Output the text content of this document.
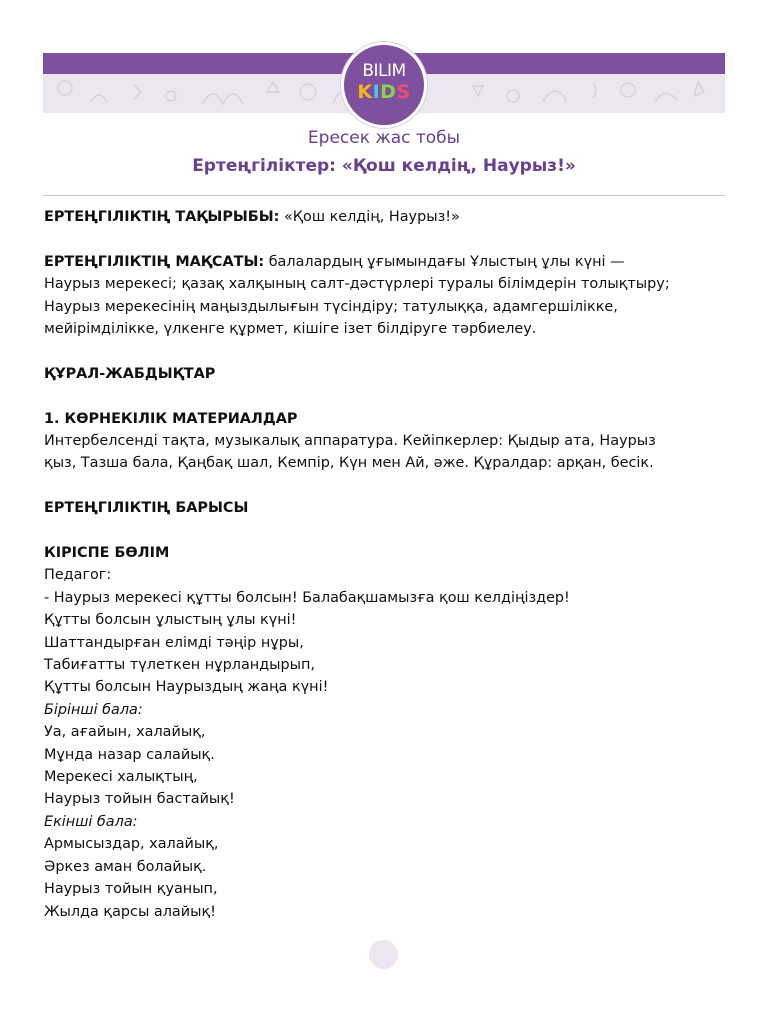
BILIM
KIDS
Ересек жас тобы
Ертеңгіліктер: «Қош келдің, Наурыз!»

ЕРТЕҢГІЛІКТІҢ ТАҚЫРЫБЫ: «Қош келдің, Наурыз!»

ЕРТЕҢГІЛІКТІҢ МАҚСАТЫ: балалардың ұғымындағы Ұлыстың ұлы күні —

Наурыз мерекесі; қазақ халқының салт-дәстүрлері туралы білімдерін толықтыру;

Наурыз мерекесінің маңыздылығын түсіндіру; татулыққа, адамгершілікке,

мейірімділікке, үлкенге құрмет, кішіге ізет білдіруге тәрбиелеу.

ҚҰРАЛ-ЖАБДЫҚТАР

1. КӨРНЕКІЛІК МАТЕРИАЛДАР

Интербелсенді тақта, музыкалық аппаратура. Кейіпкерлер: Қыдыр ата, Наурыз

қыз, Тазша бала, Қаңбақ шал, Кемпір, Күн мен Ай, әже. Құралдар: арқан, бесік.

ЕРТЕҢГІЛІКТІҢ БАРЫСЫ

КІРІСПЕ БӨЛІМ

Педагог:

- Наурыз мерекесі құтты болсын! Балабақшамызға қош келдіңіздер!

Құтты болсын ұлыстың ұлы күні!

Шаттандырған елімді тәңір нұры,

Табиғатты түлеткен нұрландырып,

Құтты болсын Наурыздың жаңа күні!

Бірінші бала:

Уа, ағайын, халайық,

Мұнда назар салайық.

Мерекесі халықтың,

Наурыз тойын бастайық!

Екінші бала:

Армысыздар, халайық,

Әркез аман болайық.

Наурыз тойын қуанып,

Жылда қарсы алайық!
